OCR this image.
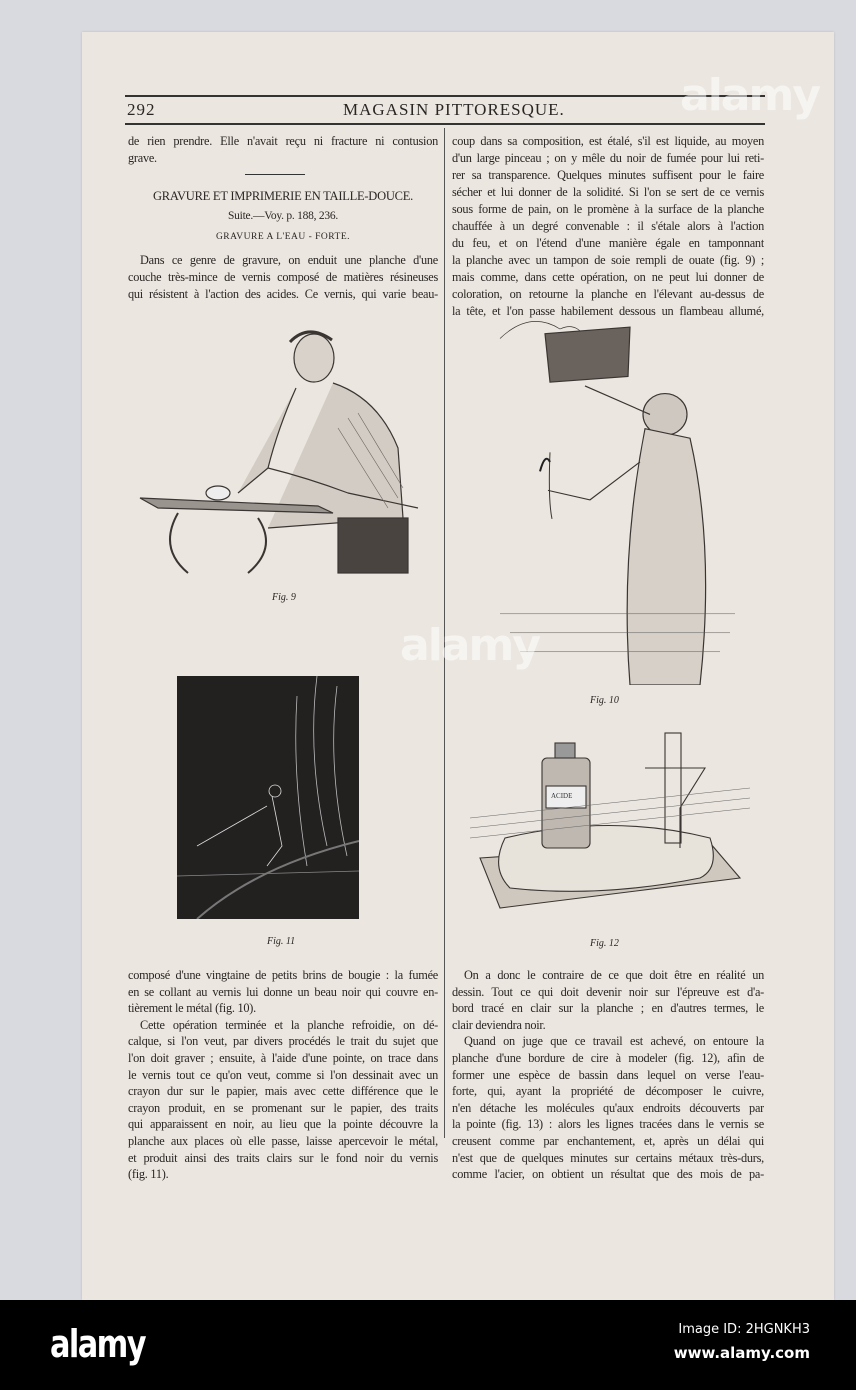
292	MAGASIN PITTORESQUE.
de rien prendre. Elle n'avait reçu ni fracture ni contusion
grave.
GRAVURE ET IMPRIMERIE EN TAILLE-DOUCE.
Suite.—Voy. p. 188, 236.
GRAVURE A L'EAU - FORTE.
Dans ce genre de gravure, on enduit une planche d'une
couche très-mince de vernis composé de matières résineuses
qui résistent à l'action des acides. Ce vernis, qui varie beau-
coup dans sa composition, est étalé, s'il est liquide, au moyen
d'un large pinceau ; on y mêle du noir de fumée pour lui reti-
rer sa transparence. Quelques minutes suffisent pour le faire
sécher et lui donner de la solidité. Si l'on se sert de ce vernis
sous forme de pain, on le promène à la surface de la planche
chauffée à un degré convenable : il s'étale alors à l'action
du feu, et on l'étend d'une manière égale en tamponnant
la planche avec un tampon de soie rempli de ouate (fig. 9) ;
mais comme, dans cette opération, on ne peut lui donner de
coloration, on retourne la planche en l'élevant au-dessus de
la tête, et l'on passe habilement dessous un flambeau allumé,
composé d'une vingtaine de petits brins de bougie : la fumée
en se collant au vernis lui donne un beau noir qui couvre en-
tièrement le métal (fig. 10).
Cette opération terminée et la planche refroidie, on dé-
calque, si l'on veut, par divers procédés le trait du sujet que
l'on doit graver ; ensuite, à l'aide d'une pointe, on trace dans
le vernis tout ce qu'on veut, comme si l'on dessinait avec un
crayon dur sur le papier, mais avec cette différence que le
crayon produit, en se promenant sur le papier, des traits
qui apparaissent en noir, au lieu que la pointe découvre la
planche aux places où elle passe, laisse apercevoir le métal,
et produit ainsi des traits clairs sur le fond noir du vernis
(fig. 11).
On a donc le contraire de ce que doit être en réalité un
dessin. Tout ce qui doit devenir noir sur l'épreuve est d'a-
bord tracé en clair sur la planche ; en d'autres termes, le
clair deviendra noir.
Quand on juge que ce travail est achevé, on entoure la
planche d'une bordure de cire à modeler (fig. 12), afin de
former une espèce de bassin dans lequel on verse l'eau-
forte, qui, ayant la propriété de décomposer le cuivre,
n'en détache les molécules qu'aux endroits découverts par
la pointe (fig. 13) : alors les lignes tracées dans le vernis se
creusent comme par enchantement, et, après un délai qui
n'est que de quelques minutes sur certains métaux très-durs,
comme l'acier, on obtient un résultat que des mois de pa-
Fig. 9
Fig. 10
Fig. 11
ACIDE
Fig. 12
alamy
alamy
alamy	Image ID: 2HGNKH3
www.alamy.com
